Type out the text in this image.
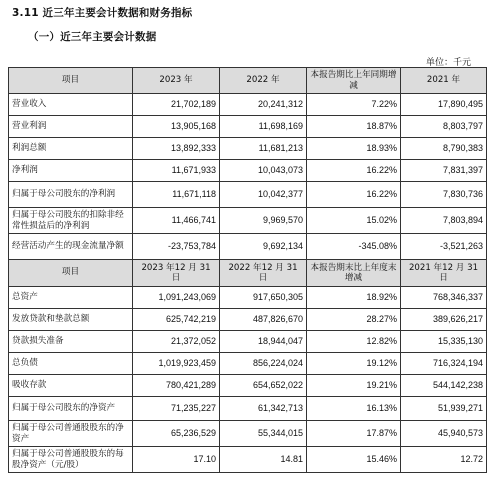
3.11 近三年主要会计数据和财务指标
（一）近三年主要会计数据
单位：千元
项目	2023 年	2022 年	本报告期比上年同期增减	2021 年
营业收入	21,702,189	20,241,312	7.22%	17,890,495
营业利润	13,905,168	11,698,169	18.87%	8,803,797
利润总额	13,892,333	11,681,213	18.93%	8,790,383
净利润	11,671,933	10,043,073	16.22%	7,831,397
归属于母公司股东的净利润	11,671,118	10,042,377	16.22%	7,830,736
归属于母公司股东的扣除非经常性损益后的净利润	11,466,741	9,969,570	15.02%	7,803,894
经营活动产生的现金流量净额	-23,753,784	9,692,134	-345.08%	-3,521,263
项目	2023 年12 月 31 日	2022 年12 月 31 日	本报告期末比上年度末增减	2021 年12 月 31 日
总资产	1,091,243,069	917,650,305	18.92%	768,346,337
发放贷款和垫款总额	625,742,219	487,826,670	28.27%	389,626,217
贷款损失准备	21,372,052	18,944,047	12.82%	15,335,130
总负债	1,019,923,459	856,224,024	19.12%	716,324,194
吸收存款	780,421,289	654,652,022	19.21%	544,142,238
归属于母公司股东的净资产	71,235,227	61,342,713	16.13%	51,939,271
归属于母公司普通股股东的净资产	65,236,529	55,344,015	17.87%	45,940,573
归属于母公司普通股股东的每股净资产（元/股）	17.10	14.81	15.46%	12.72
